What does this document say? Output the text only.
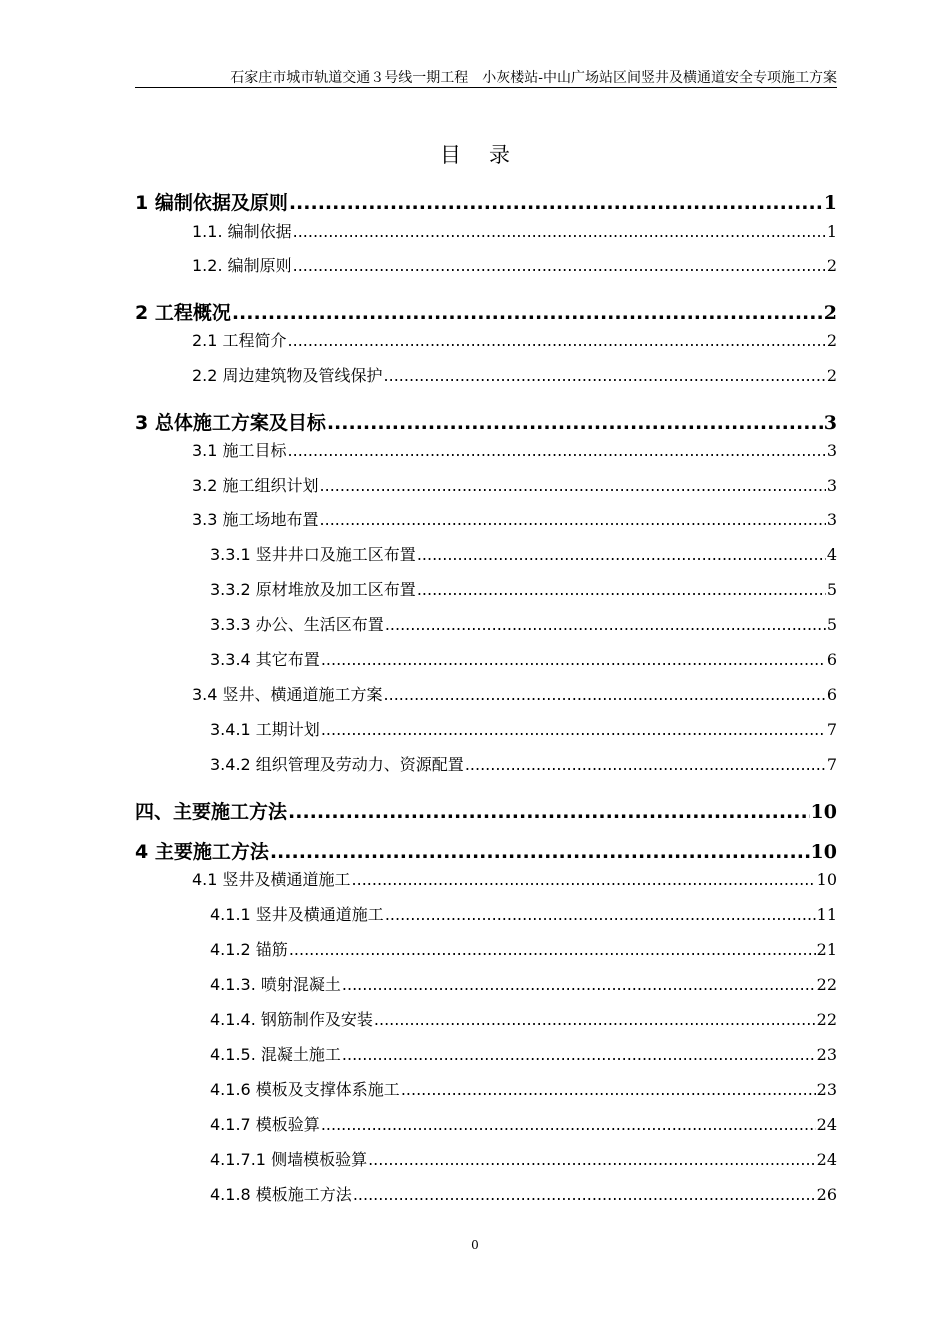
石家庄市城市轨道交通３号线一期工程　小灰楼站-中山广场站区间竖井及横通道安全专项施工方案
目录
1 编制依据及原则 .....	1
1.1. 编制依据 .....	1
1.2. 编制原则 .....	2
2 工程概况 .....	2
2.1 工程简介 .....	2
2.2 周边建筑物及管线保护 .....	2
3 总体施工方案及目标 .....	3
3.1 施工目标 .....	3
3.2 施工组织计划 .....	3
3.3 施工场地布置 .....	3
3.3.1 竖井井口及施工区布置 .....	4
3.3.2 原材堆放及加工区布置 .....	5
3.3.3 办公、生活区布置 .....	5
3.3.4 其它布置 .....	6
3.4 竖井、横通道施工方案 .....	6
3.4.1 工期计划 .....	7
3.4.2 组织管理及劳动力、资源配置 .....	7
四、主要施工方法 .....	10
4 主要施工方法 .....	10
4.1 竖井及横通道施工 .....	10
4.1.1 竖井及横通道施工 .....	11
4.1.2 锚筋 .....	21
4.1.3. 喷射混凝土 .....	22
4.1.4. 钢筋制作及安装 .....	22
4.1.5. 混凝土施工 .....	23
4.1.6 模板及支撑体系施工 .....	23
4.1.7 模板验算 .....	24
4.1.7.1 侧墙模板验算 .....	24
4.1.8 模板施工方法 .....	26
0
